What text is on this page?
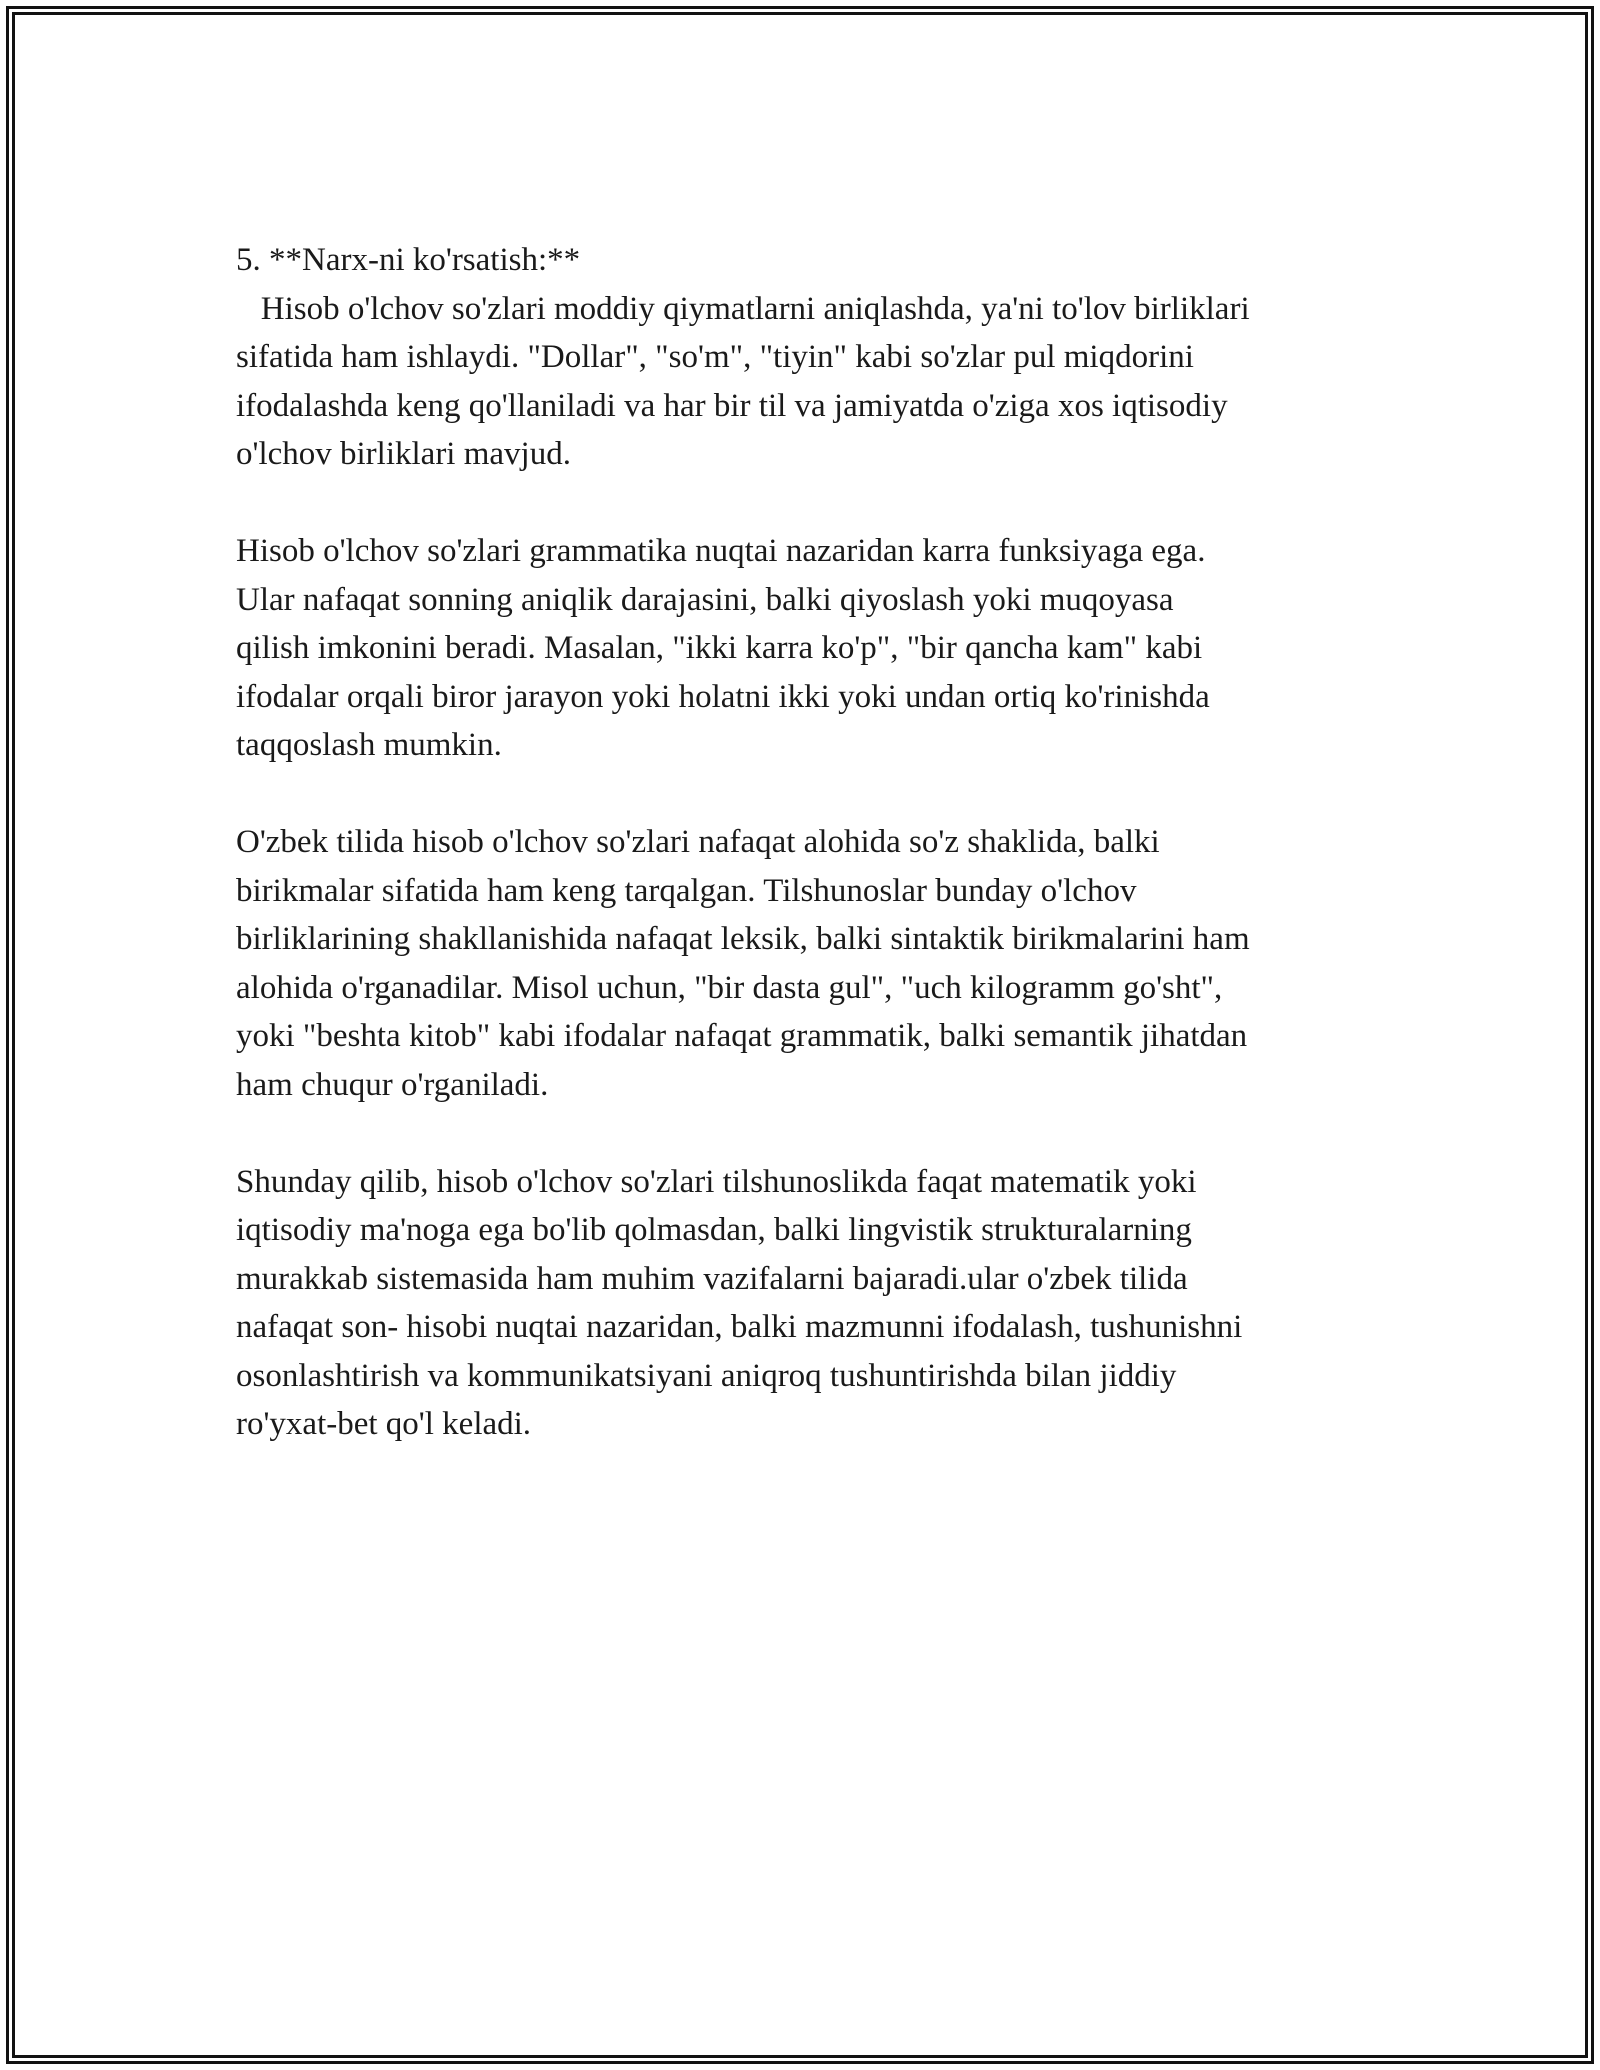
5. **Narx-ni ko'rsatish:**

Hisob o'lchov so'zlari moddiy qiymatlarni aniqlashda, ya'ni to'lov birliklari
sifatida ham ishlaydi. "Dollar", "so'm", "tiyin" kabi so'zlar pul miqdorini
ifodalashda keng qo'llaniladi va har bir til va jamiyatda o'ziga xos iqtisodiy
o'lchov birliklari mavjud.

Hisob o'lchov so'zlari grammatika nuqtai nazaridan karra funksiyaga ega.
Ular nafaqat sonning aniqlik darajasini, balki qiyoslash yoki muqoyasa
qilish imkonini beradi. Masalan, "ikki karra ko'p", "bir qancha kam" kabi
ifodalar orqali biror jarayon yoki holatni ikki yoki undan ortiq ko'rinishda
taqqoslash mumkin.

O'zbek tilida hisob o'lchov so'zlari nafaqat alohida so'z shaklida, balki
birikmalar sifatida ham keng tarqalgan. Tilshunoslar bunday o'lchov
birliklarining shakllanishida nafaqat leksik, balki sintaktik birikmalarini ham
alohida o'rganadilar. Misol uchun, "bir dasta gul", "uch kilogramm go'sht",
yoki "beshta kitob" kabi ifodalar nafaqat grammatik, balki semantik jihatdan
ham chuqur o'rganiladi.

Shunday qilib, hisob o'lchov so'zlari tilshunoslikda faqat matematik yoki
iqtisodiy ma'noga ega bo'lib qolmasdan, balki lingvistik strukturalarning
murakkab sistemasida ham muhim vazifalarni bajaradi.ular o'zbek tilida
nafaqat son- hisobi nuqtai nazaridan, balki mazmunni ifodalash, tushunishni
osonlashtirish va kommunikatsiyani aniqroq tushuntirishda bilan jiddiy
ro'yxat-bet qo'l keladi.
